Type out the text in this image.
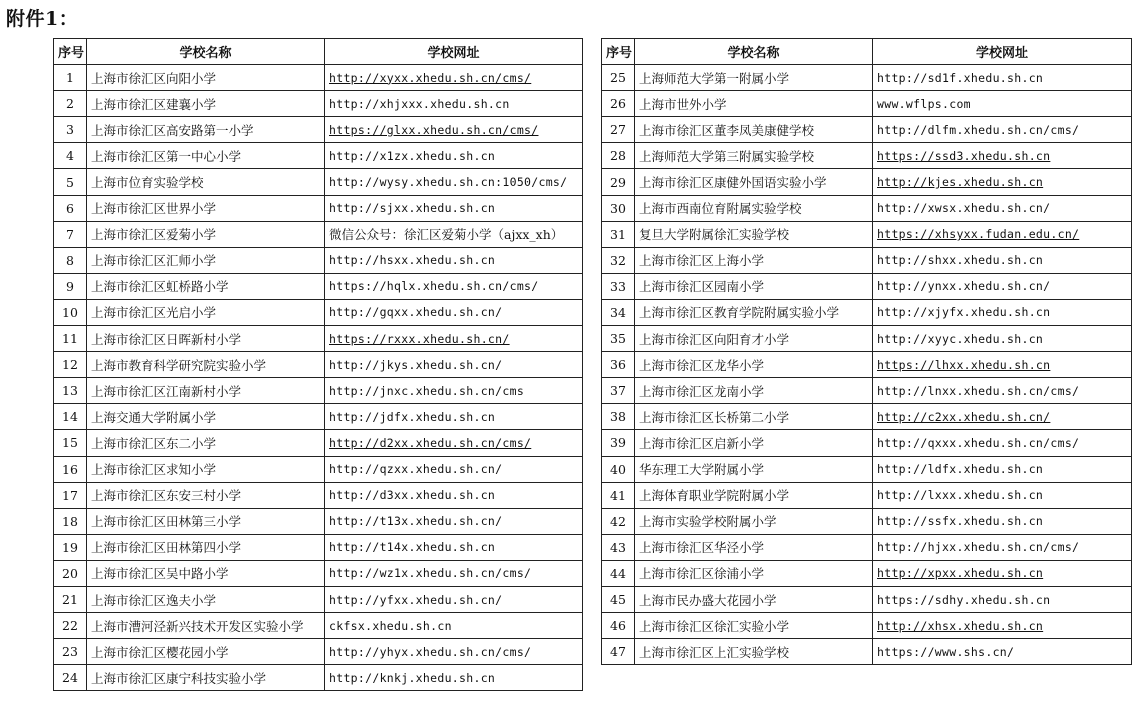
附件1：
序号	学校名称	学校网址
1	上海市徐汇区向阳小学	http://xyxx.xhedu.sh.cn/cms/
2	上海市徐汇区建襄小学	http://xhjxxx.xhedu.sh.cn
3	上海市徐汇区高安路第一小学	https://glxx.xhedu.sh.cn/cms/
4	上海市徐汇区第一中心小学	http://x1zx.xhedu.sh.cn
5	上海市位育实验学校	http://wysy.xhedu.sh.cn:1050/cms/
6	上海市徐汇区世界小学	http://sjxx.xhedu.sh.cn
7	上海市徐汇区爱菊小学	微信公众号：徐汇区爱菊小学（ajxx_xh）
8	上海市徐汇区汇师小学	http://hsxx.xhedu.sh.cn
9	上海市徐汇区虹桥路小学	https://hqlx.xhedu.sh.cn/cms/
10	上海市徐汇区光启小学	http://gqxx.xhedu.sh.cn/
11	上海市徐汇区日晖新村小学	https://rxxx.xhedu.sh.cn/
12	上海市教育科学研究院实验小学	http://jkys.xhedu.sh.cn/
13	上海市徐汇区江南新村小学	http://jnxc.xhedu.sh.cn/cms
14	上海交通大学附属小学	http://jdfx.xhedu.sh.cn
15	上海市徐汇区东二小学	http://d2xx.xhedu.sh.cn/cms/
16	上海市徐汇区求知小学	http://qzxx.xhedu.sh.cn/
17	上海市徐汇区东安三村小学	http://d3xx.xhedu.sh.cn
18	上海市徐汇区田林第三小学	http://t13x.xhedu.sh.cn/
19	上海市徐汇区田林第四小学	http://t14x.xhedu.sh.cn
20	上海市徐汇区吴中路小学	http://wz1x.xhedu.sh.cn/cms/
21	上海市徐汇区逸夫小学	http://yfxx.xhedu.sh.cn/
22	上海市漕河泾新兴技术开发区实验小学	ckfsx.xhedu.sh.cn
23	上海市徐汇区樱花园小学	http://yhyx.xhedu.sh.cn/cms/
24	上海市徐汇区康宁科技实验小学	http://knkj.xhedu.sh.cn
序号	学校名称	学校网址
25	上海师范大学第一附属小学	http://sd1f.xhedu.sh.cn
26	上海市世外小学	www.wflps.com
27	上海市徐汇区董李凤美康健学校	http://dlfm.xhedu.sh.cn/cms/
28	上海师范大学第三附属实验学校	https://ssd3.xhedu.sh.cn
29	上海市徐汇区康健外国语实验小学	http://kjes.xhedu.sh.cn
30	上海市西南位育附属实验学校	http://xwsx.xhedu.sh.cn/
31	复旦大学附属徐汇实验学校	https://xhsyxx.fudan.edu.cn/
32	上海市徐汇区上海小学	http://shxx.xhedu.sh.cn
33	上海市徐汇区园南小学	http://ynxx.xhedu.sh.cn/
34	上海市徐汇区教育学院附属实验小学	http://xjyfx.xhedu.sh.cn
35	上海市徐汇区向阳育才小学	http://xyyc.xhedu.sh.cn
36	上海市徐汇区龙华小学	https://lhxx.xhedu.sh.cn
37	上海市徐汇区龙南小学	http://lnxx.xhedu.sh.cn/cms/
38	上海市徐汇区长桥第二小学	http://c2xx.xhedu.sh.cn/
39	上海市徐汇区启新小学	http://qxxx.xhedu.sh.cn/cms/
40	华东理工大学附属小学	http://ldfx.xhedu.sh.cn
41	上海体育职业学院附属小学	http://lxxx.xhedu.sh.cn
42	上海市实验学校附属小学	http://ssfx.xhedu.sh.cn
43	上海市徐汇区华泾小学	http://hjxx.xhedu.sh.cn/cms/
44	上海市徐汇区徐浦小学	http://xpxx.xhedu.sh.cn
45	上海市民办盛大花园小学	https://sdhy.xhedu.sh.cn
46	上海市徐汇区徐汇实验小学	http://xhsx.xhedu.sh.cn
47	上海市徐汇区上汇实验学校	https://www.shs.cn/
